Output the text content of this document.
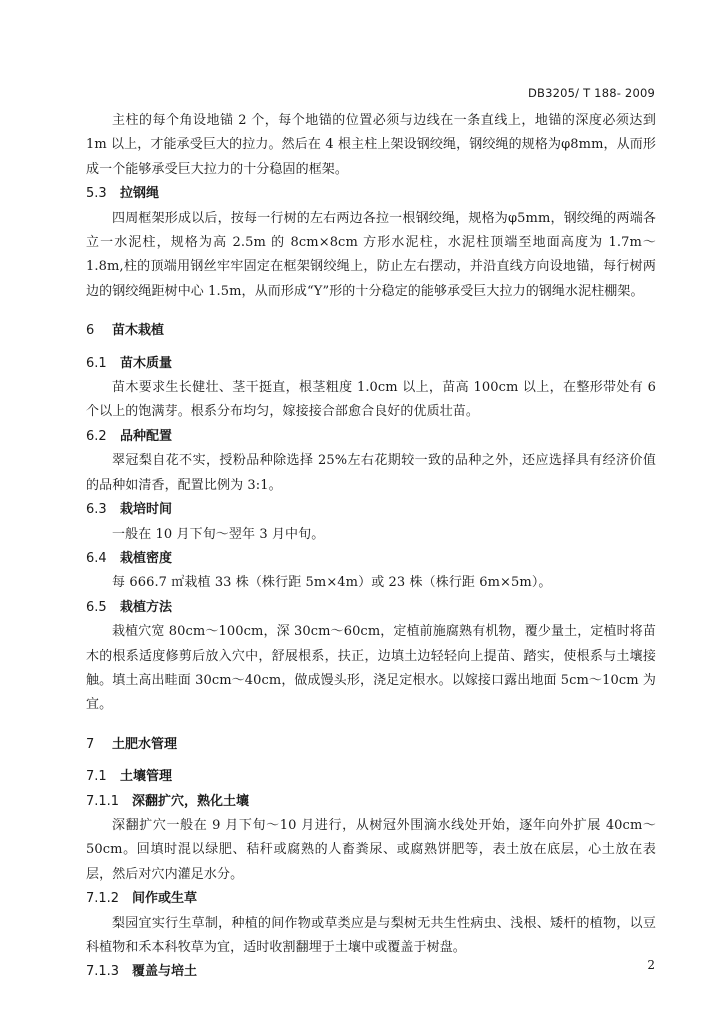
DB3205/ T 188- 2009

主柱的每个角设地锚 2 个，每个地锚的位置必须与边线在一条直线上，地锚的深度必须达到1m 以上，才能承受巨大的拉力。然后在 4 根主柱上架设钢绞绳，钢绞绳的规格为φ8mm，从而形成一个能够承受巨大拉力的十分稳固的框架。

5.3	拉钢绳

四周框架形成以后，按每一行树的左右两边各拉一根钢绞绳，规格为φ5mm，钢绞绳的两端各立一水泥柱，规格为高 2.5m 的 8cm×8cm 方形水泥柱，水泥柱顶端至地面高度为 1.7m～1.8m,柱的顶端用钢丝牢牢固定在框架钢绞绳上，防止左右摆动，并沿直线方向设地锚，每行树两边的钢绞绳距树中心 1.5m，从而形成“Y”形的十分稳定的能够承受巨大拉力的钢绳水泥柱棚架。

6	苗木栽植
6.1	苗木质量

苗木要求生长健壮、茎干挺直，根茎粗度 1.0cm 以上，苗高 100cm 以上，在整形带处有 6 个以上的饱满芽。根系分布均匀，嫁接接合部愈合良好的优质壮苗。

6.2	品种配置

翠冠梨自花不实，授粉品种除选择 25%左右花期较一致的品种之外，还应选择具有经济价值的品种如清香，配置比例为 3:1。

6.3	栽培时间

一般在 10 月下旬～翌年 3 月中旬。

6.4	栽植密度

每 666.7 ㎡栽植 33 株（株行距 5m×4m）或 23 株（株行距 6m×5m）。

6.5	栽植方法

栽植穴宽 80cm～100cm，深 30cm～60cm，定植前施腐熟有机物，覆少量土，定植时将苗木的根系适度修剪后放入穴中，舒展根系，扶正，边填土边轻轻向上提苗、踏实，使根系与土壤接触。填土高出畦面 30cm～40cm，做成馒头形，浇足定根水。以嫁接口露出地面 5cm～10cm 为宜。

7	土肥水管理
7.1	土壤管理
7.1.1 深翻扩穴，熟化土壤

深翻扩穴一般在 9 月下旬～10 月进行，从树冠外围滴水线处开始，逐年向外扩展 40cm～50cm。回填时混以绿肥、秸秆或腐熟的人畜粪尿、或腐熟饼肥等，表土放在底层，心土放在表层，然后对穴内灌足水分。

7.1.2 间作或生草

梨园宜实行生草制，种植的间作物或草类应是与梨树无共生性病虫、浅根、矮杆的植物，以豆科植物和禾本科牧草为宜，适时收割翻埋于土壤中或覆盖于树盘。

7.1.3 覆盖与培土	2
